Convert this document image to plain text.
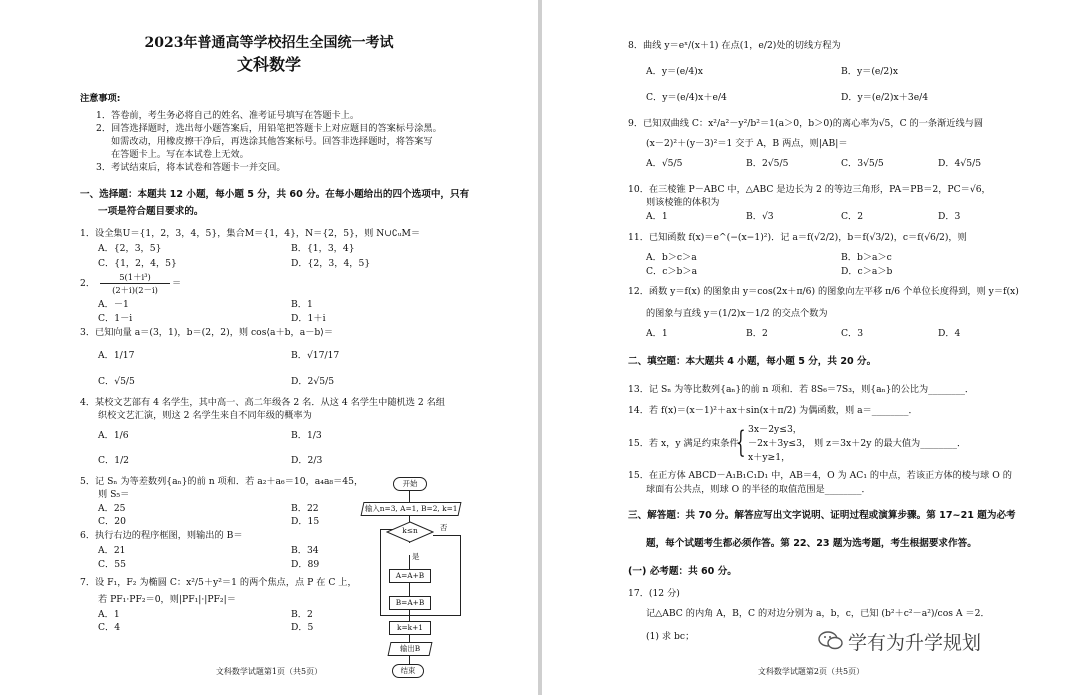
2023年普通高等学校招生全国统一考试
文科数学
注意事项:
1．答卷前，考生务必将自己的姓名、准考证号填写在答题卡上。
2．回答选择题时，选出每小题答案后，用铅笔把答题卡上对应题目的答案标号涂黑。
如需改动，用橡皮擦干净后，再选涂其他答案标号。回答非选择题时，将答案写
在答题卡上。写在本试卷上无效。
3．考试结束后，将本试卷和答题卡一并交回。
一、选择题：本题共 12 小题，每小题 5 分，共 60 分。在每小题给出的四个选项中，只有
一项是符合题目要求的。
1．设全集U＝{1，2，3，4，5}，集合M＝{1，4}，N＝{2，5}，则 N∪∁ᵤM＝
A．{2，3，5}	B．{1，3，4}
C．{1，2，4，5}	D．{2，3，4，5}
2．
5(1＋i³)
(2＋i)(2－i)
＝
A．－1	B．1
C．1－i	D．1＋i
3．已知向量 a＝(3，1)，b＝(2，2)，则 cos⟨a＋b，a－b⟩＝
A．1/17	B．√17/17
C．√5/5	D．2√5/5
4．某校文艺部有 4 名学生，其中高一、高二年级各 2 名．从这 4 名学生中随机选 2 名组
织校文艺汇演，则这 2 名学生来自不同年级的概率为
A．1/6	B．1/3
C．1/2	D．2/3
5．记 Sₙ 为等差数列{aₙ}的前 n 项和．若 a₂＋a₆＝10，a₄a₈＝45，
则 S₅＝
A．25	B．22
C．20	D．15
6．执行右边的程序框图，则输出的 B＝
A．21	B．34
C．55	D．89
7．设 F₁，F₂ 为椭圆 C：x²/5＋y²＝1 的两个焦点，点 P 在 C 上，
若 PF₁·PF₂＝0，则|PF₁|·|PF₂|＝
A．1	B．2
C．4	D．5
开始
输入n=3, A=1, B=2, k=1
k≤n
是
否
A=A+B
B=A+B
k=k+1
输出B
结束
文科数学试题第1页（共5页）
8．曲线 y＝eˣ/(x＋1) 在点(1，e/2)处的切线方程为
A．y＝(e/4)x	B．y＝(e/2)x
C．y＝(e/4)x＋e/4	D．y＝(e/2)x＋3e/4
9．已知双曲线 C：x²/a²－y²/b²＝1(a＞0，b＞0)的离心率为√5，C 的一条渐近线与圆
(x－2)²＋(y－3)²＝1 交于 A，B 两点，则|AB|＝
A．√5/5	B．2√5/5	C．3√5/5	D．4√5/5
10．在三棱锥 P－ABC 中，△ABC 是边长为 2 的等边三角形，PA＝PB＝2，PC＝√6，
则该棱锥的体积为
A．1	B．√3	C．2	D．3
11．已知函数 f(x)＝e^(−(x−1)²)．记 a＝f(√2/2)，b＝f(√3/2)，c＝f(√6/2)，则
A．b＞c＞a	B．b＞a＞c
C．c＞b＞a	D．c＞a＞b
12．函数 y＝f(x) 的图象由 y＝cos(2x＋π/6) 的图象向左平移 π/6 个单位长度得到，则 y＝f(x)
的图象与直线 y＝(1/2)x－1/2 的交点个数为
A．1	B．2	C．3	D．4
二、填空题：本大题共 4 小题，每小题 5 分，共 20 分。
13．记 Sₙ 为等比数列{aₙ}的前 n 项和．若 8S₆＝7S₃，则{aₙ}的公比为________．
14．若 f(x)＝(x－1)²＋ax＋sin(x＋π/2) 为偶函数，则 a＝________．
15．若 x，y 满足约束条件
{ 3x－2y≤3，
－2x＋3y≤3，
x＋y≥1，
则 z＝3x＋2y 的最大值为________．
15．在正方体 ABCD－A₁B₁C₁D₁ 中，AB＝4，O 为 AC₁ 的中点，若该正方体的棱与球 O 的
球面有公共点，则球 O 的半径的取值范围是________．
三、解答题：共 70 分。解答应写出文字说明、证明过程或演算步骤。第 17~21 题为必考
题，每个试题考生都必须作答。第 22、23 题为选考题，考生根据要求作答。
(一) 必考题：共 60 分。
17．(12 分)
记△ABC 的内角 A，B，C 的对边分别为 a，b，c，已知 (b²＋c²－a²)/cos A ＝2．
(1) 求 bc；
文科数学试题第2页（共5页）
学有为升学规划
